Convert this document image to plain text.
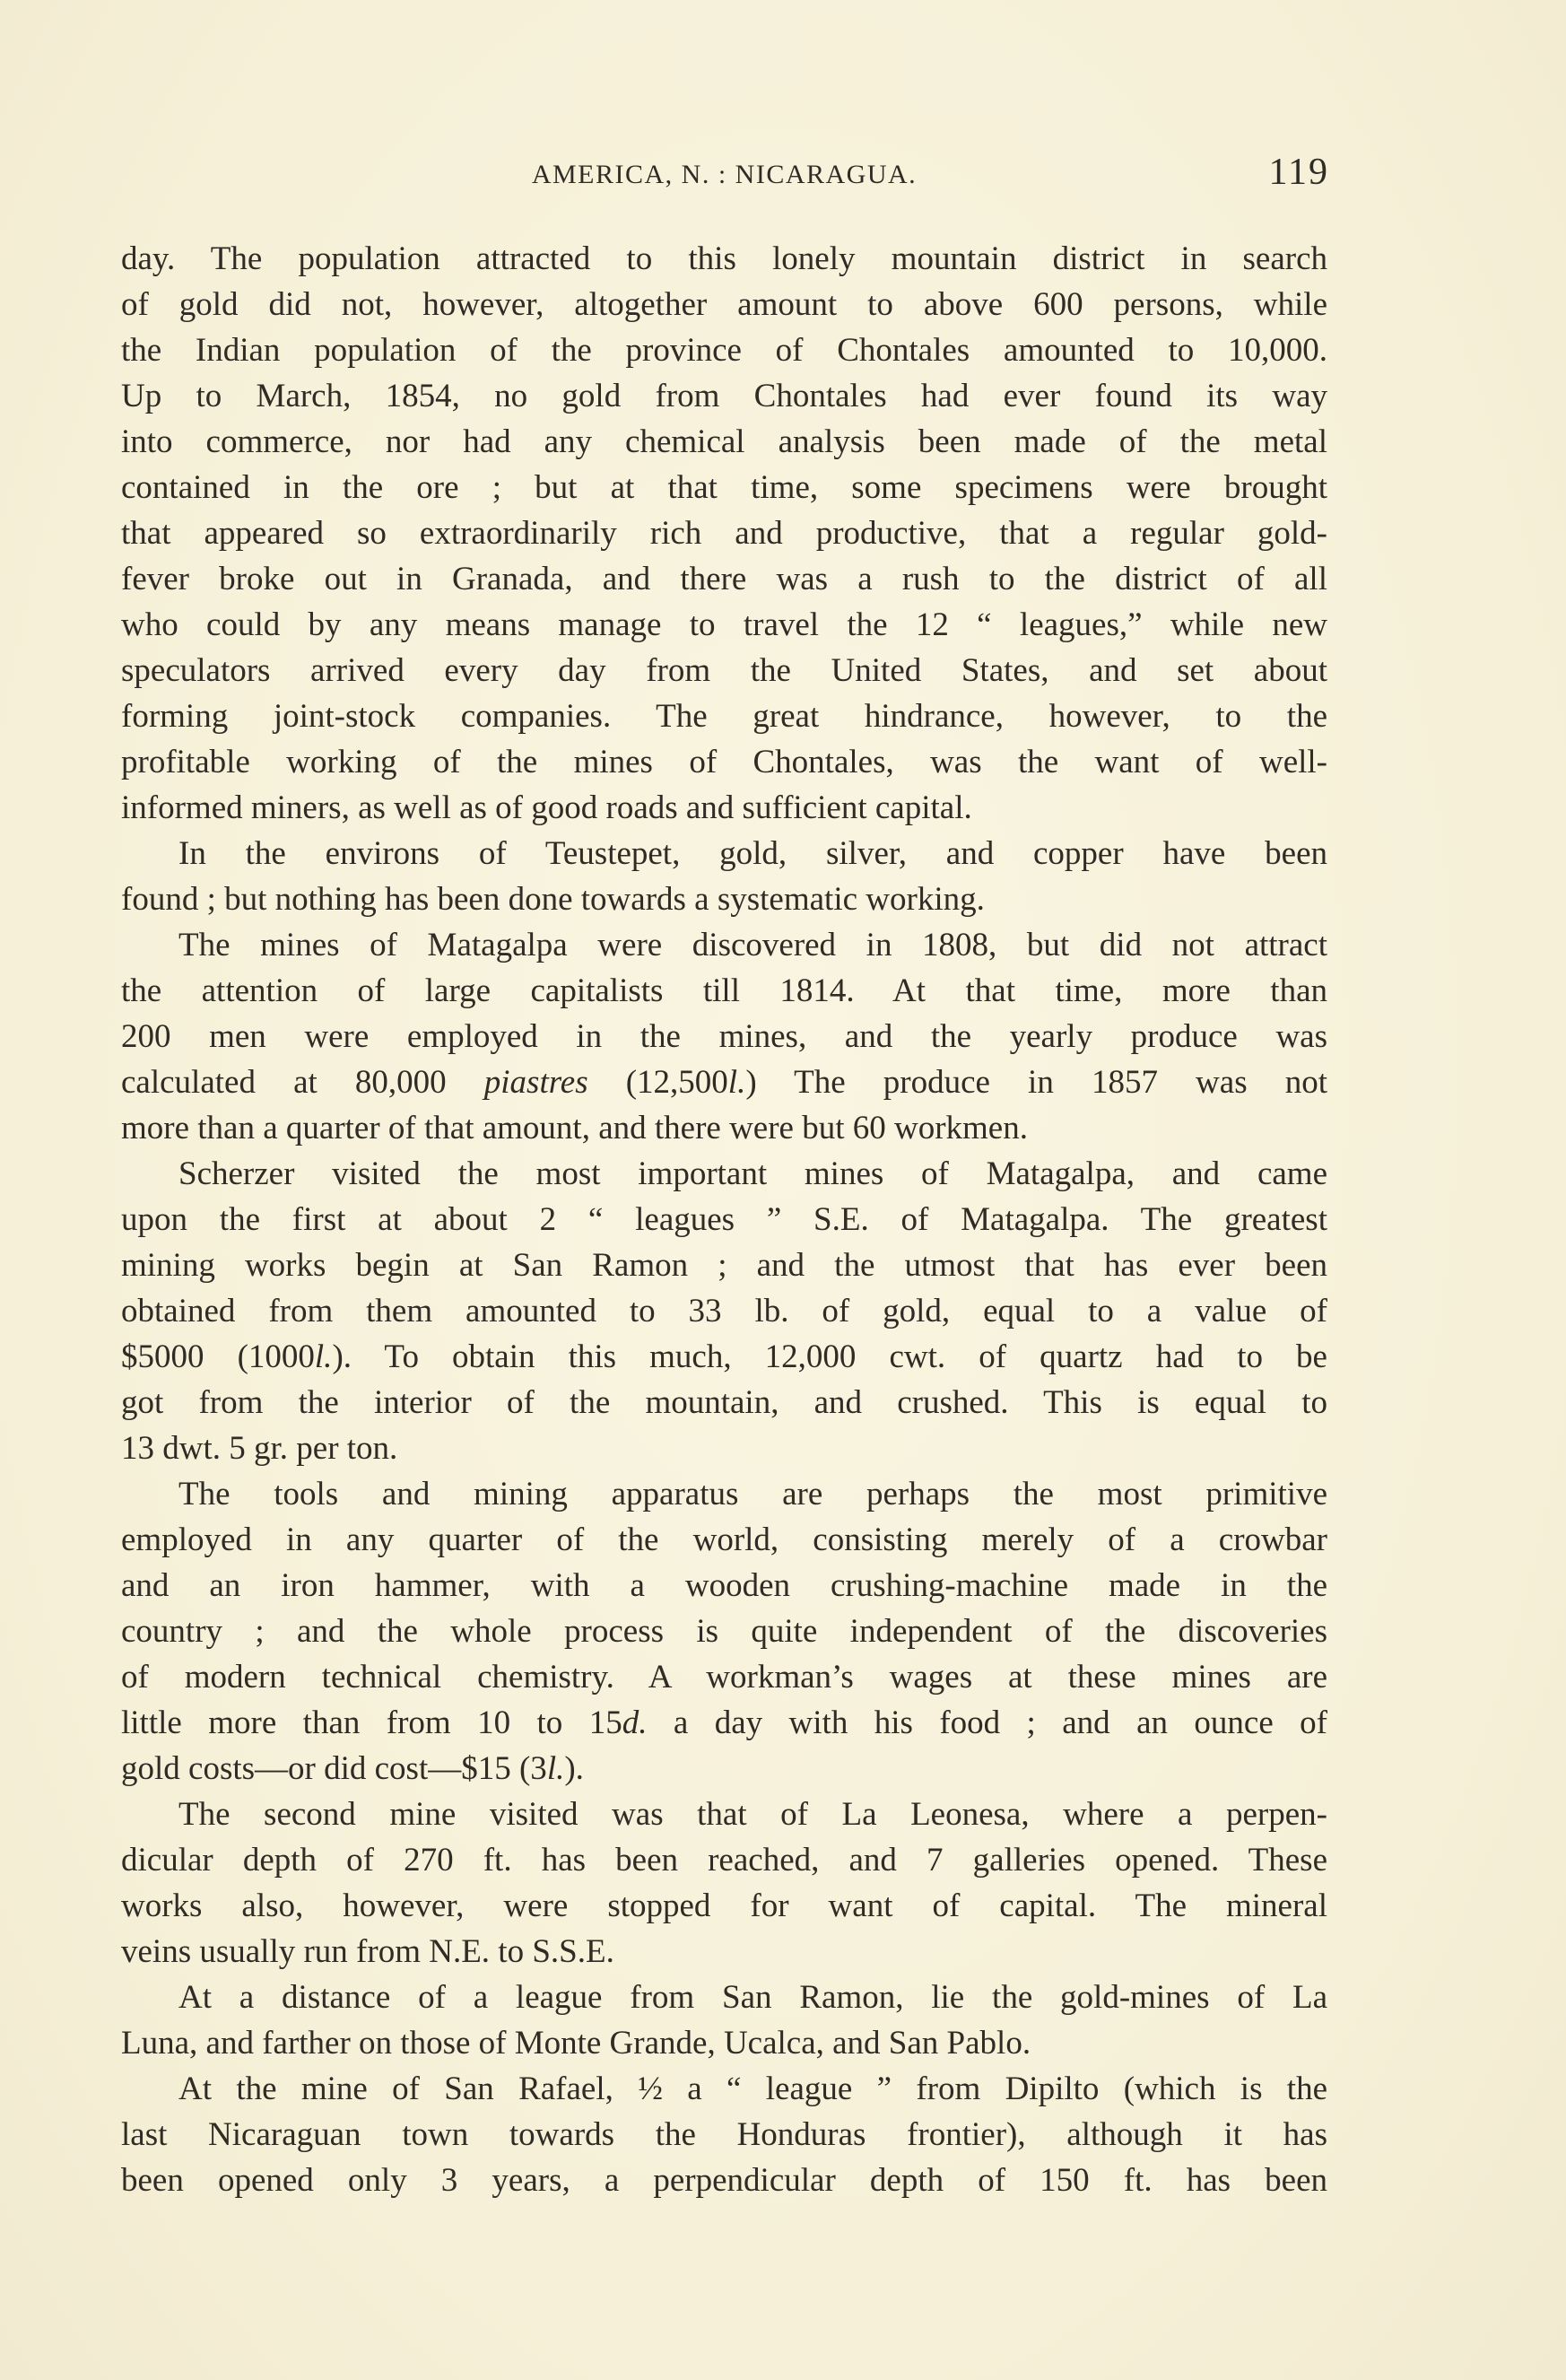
AMERICA, N. : NICARAGUA.	119
day. The population attracted to this lonely mountain district in search
of gold did not, however, altogether amount to above 600 persons, while
the Indian population of the province of Chontales amounted to 10,000.
Up to March, 1854, no gold from Chontales had ever found its way
into commerce, nor had any chemical analysis been made of the metal
contained in the ore ; but at that time, some specimens were brought
that appeared so extraordinarily rich and productive, that a regular gold-
fever broke out in Granada, and there was a rush to the district of all
who could by any means manage to travel the 12 “ leagues,” while new
speculators arrived every day from the United States, and set about
forming joint-stock companies. The great hindrance, however, to the
profitable working of the mines of Chontales, was the want of well-
informed miners, as well as of good roads and sufficient capital.
In the environs of Teustepet, gold, silver, and copper have been
found ; but nothing has been done towards a systematic working.
The mines of Matagalpa were discovered in 1808, but did not attract
the attention of large capitalists till 1814. At that time, more than
200 men were employed in the mines, and the yearly produce was
calculated at 80,000 piastres (12,500l.) The produce in 1857 was not
more than a quarter of that amount, and there were but 60 workmen.
Scherzer visited the most important mines of Matagalpa, and came
upon the first at about 2 “ leagues ” S.E. of Matagalpa. The greatest
mining works begin at San Ramon ; and the utmost that has ever been
obtained from them amounted to 33 lb. of gold, equal to a value of
$5000 (1000l.). To obtain this much, 12,000 cwt. of quartz had to be
got from the interior of the mountain, and crushed. This is equal to
13 dwt. 5 gr. per ton.
The tools and mining apparatus are perhaps the most primitive
employed in any quarter of the world, consisting merely of a crowbar
and an iron hammer, with a wooden crushing-machine made in the
country ; and the whole process is quite independent of the discoveries
of modern technical chemistry. A workman’s wages at these mines are
little more than from 10 to 15d. a day with his food ; and an ounce of
gold costs—or did cost—$15 (3l.).
The second mine visited was that of La Leonesa, where a perpen-
dicular depth of 270 ft. has been reached, and 7 galleries opened. These
works also, however, were stopped for want of capital. The mineral
veins usually run from N.E. to S.S.E.
At a distance of a league from San Ramon, lie the gold-mines of La
Luna, and farther on those of Monte Grande, Ucalca, and San Pablo.
At the mine of San Rafael, ½ a “ league ” from Dipilto (which is the
last Nicaraguan town towards the Honduras frontier), although it has
been opened only 3 years, a perpendicular depth of 150 ft. has been
